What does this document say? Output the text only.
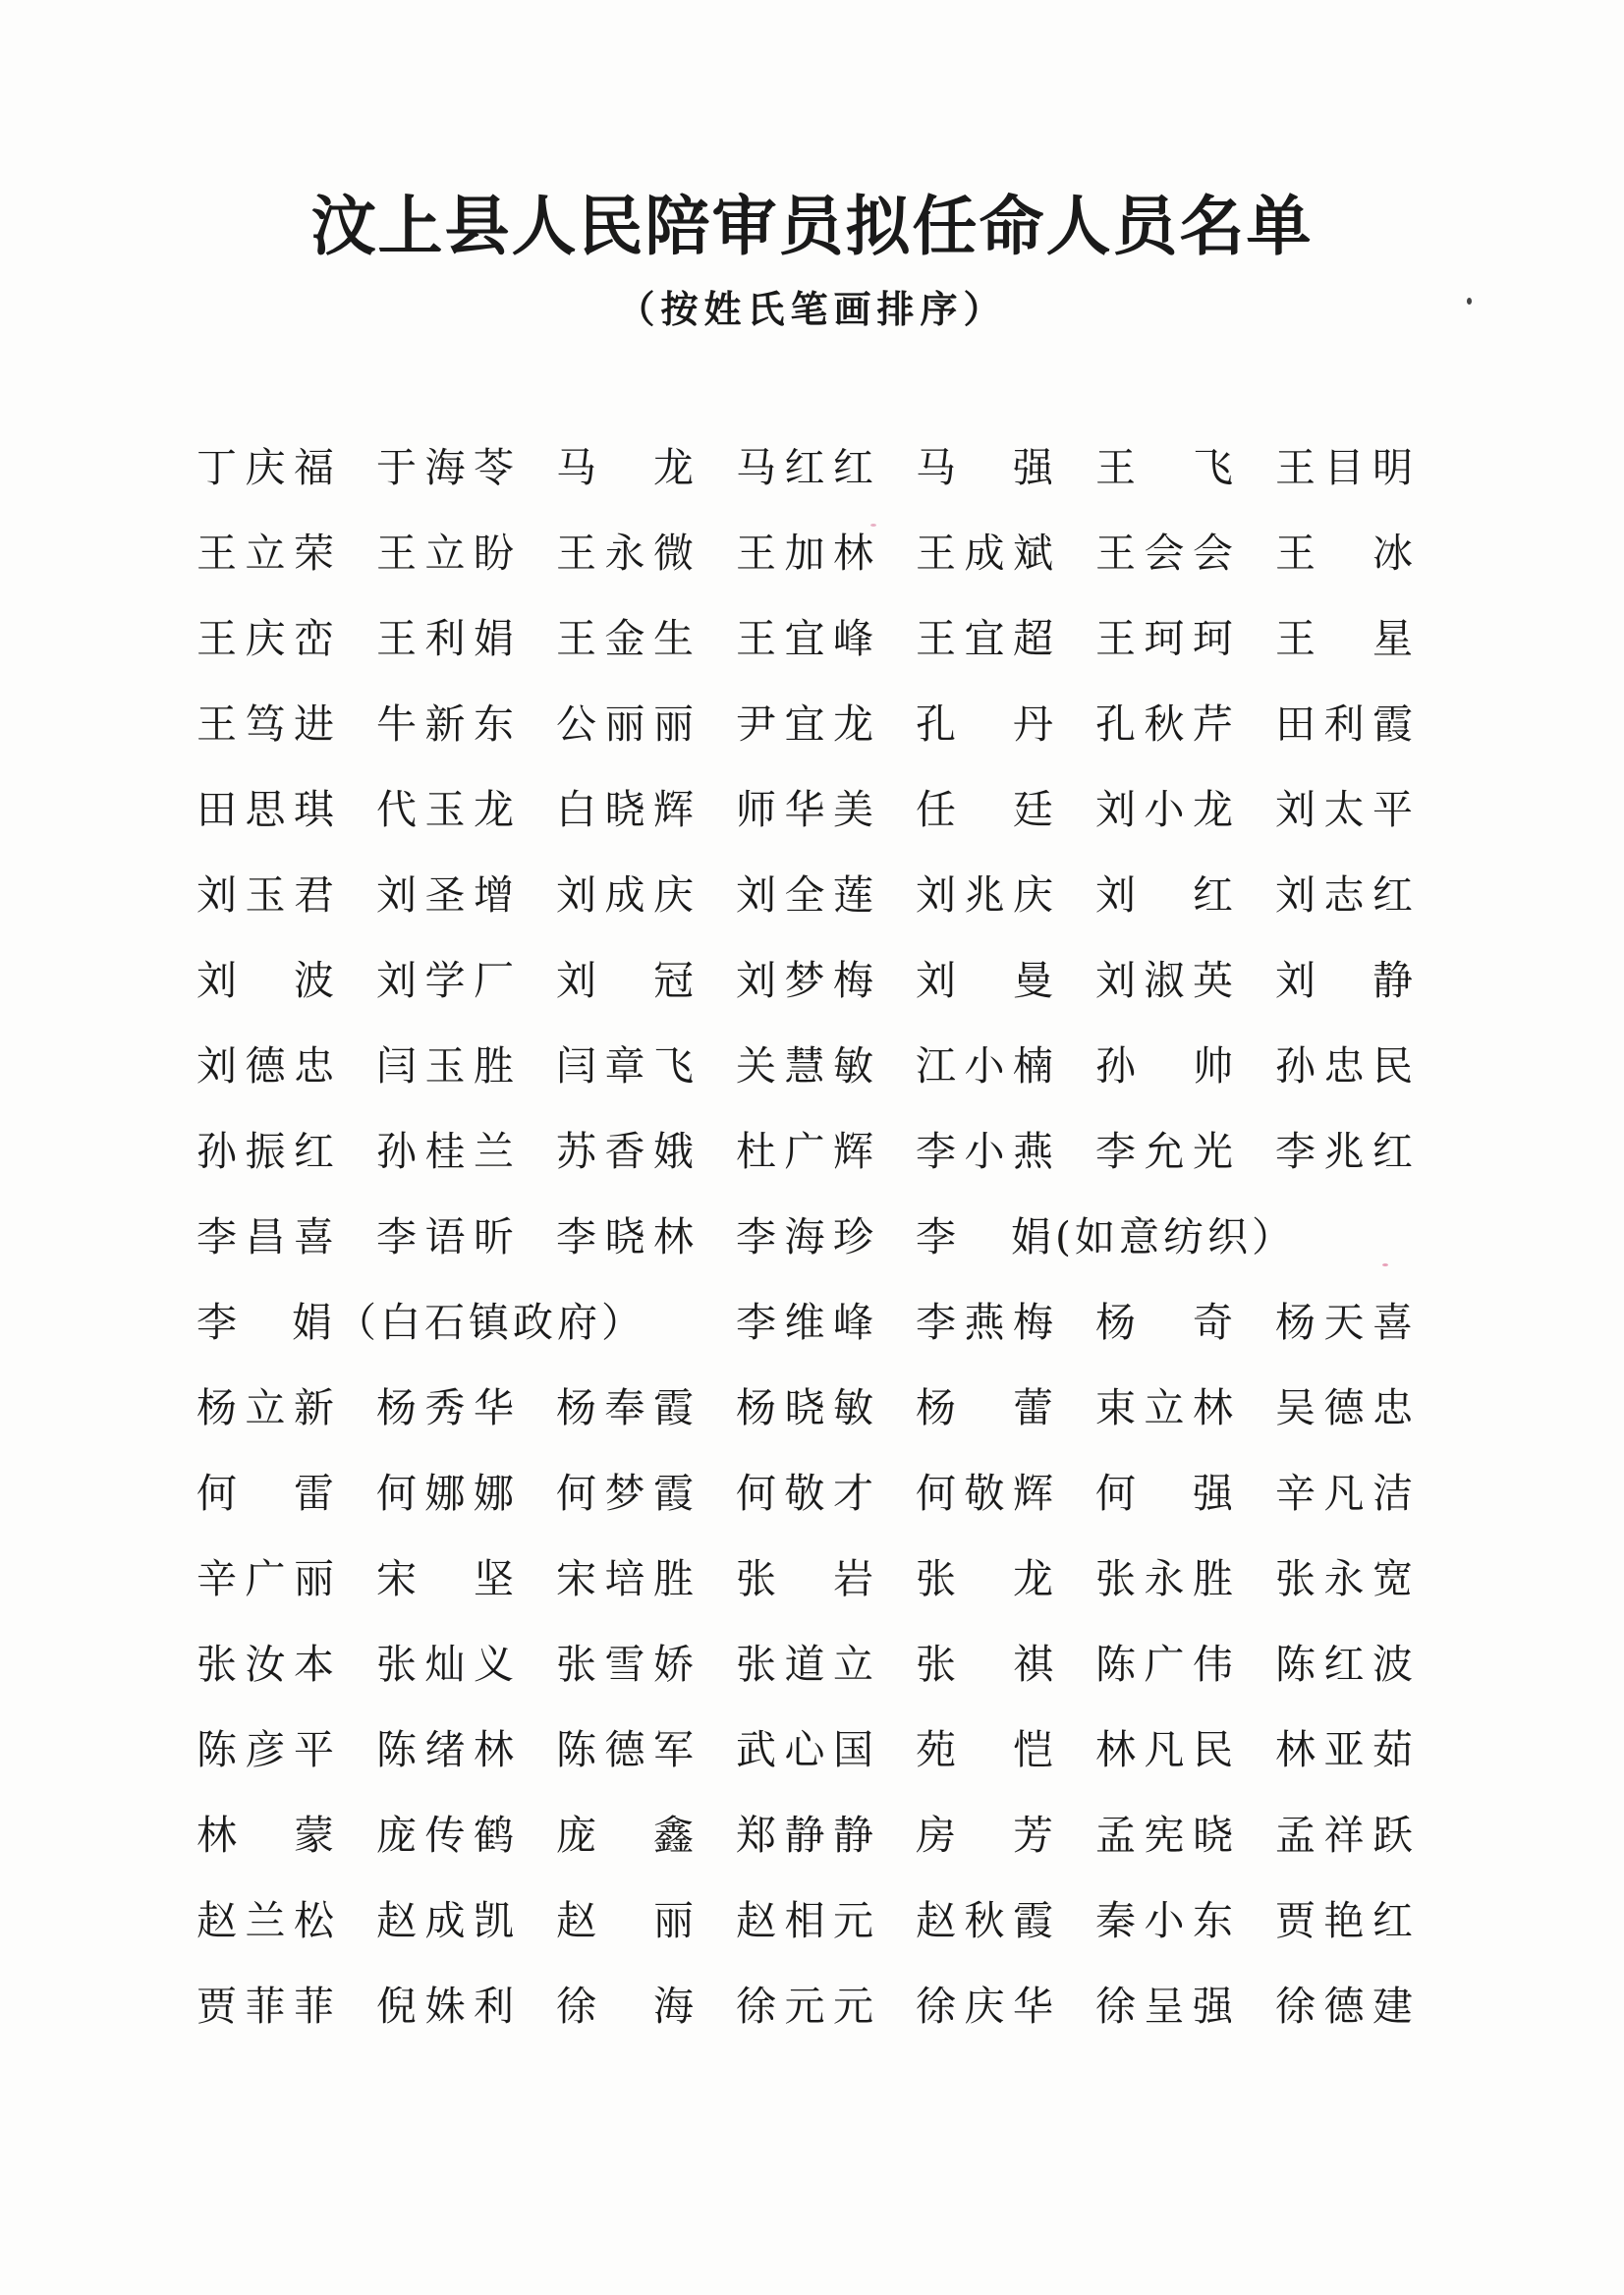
汶上县人民陪审员拟任命人员名单
（按姓氏笔画排序）
丁 庆 福 于 海 苓 马 龙 马 红 红 马 强 王 飞 王 目 明
王 立 荣 王 立 盼 王 永 微 王 加 林 王 成 斌 王 会 会 王 冰
王 庆 峦 王 利 娟 王 金 生 王 宜 峰 王 宜 超 王 珂 珂 王 星
王 笃 进 牛 新 东 公 丽 丽 尹 宜 龙 孔 丹 孔 秋 芹 田 利 霞
田 思 琪 代 玉 龙 白 晓 辉 师 华 美 任 廷 刘 小 龙 刘 太 平
刘 玉 君 刘 圣 增 刘 成 庆 刘 全 莲 刘 兆 庆 刘 红 刘 志 红
刘 波 刘 学 厂 刘 冠 刘 梦 梅 刘 曼 刘 淑 英 刘 静
刘 德 忠 闫 玉 胜 闫 章 飞 关 慧 敏 江 小 楠 孙 帅 孙 忠 民
孙 振 红 孙 桂 兰 苏 香 娥 杜 广 辉 李 小 燕 李 允 光 李 兆 红
李 昌 喜 李 语 昕 李 晓 林 李 海 珍 李
娟 ( 如 意 纺 织 ）
李
娟 （ 白 石 镇 政 府 ） 李 维 峰 李 燕 梅 杨 奇 杨 天 喜
杨 立 新 杨 秀 华 杨 奉 霞 杨 晓 敏 杨 蕾 束 立 林 吴 德 忠
何 雷 何 娜 娜 何 梦 霞 何 敬 才 何 敬 辉 何 强 辛 凡 洁
辛 广 丽 宋 坚 宋 培 胜 张 岩 张 龙 张 永 胜 张 永 宽
张 汝 本 张 灿 义 张 雪 娇 张 道 立 张 祺 陈 广 伟 陈 红 波
陈 彦 平 陈 绪 林 陈 德 军 武 心 国 苑 恺 林 凡 民 林 亚 茹
林 蒙 庞 传 鹤 庞 鑫 郑 静 静 房 芳 孟 宪 晓 孟 祥 跃
赵 兰 松 赵 成 凯 赵 丽 赵 相 元 赵 秋 霞 秦 小 东 贾 艳 红
贾 菲 菲 倪 姝 利 徐 海 徐 元 元 徐 庆 华 徐 呈 强 徐 德 建
